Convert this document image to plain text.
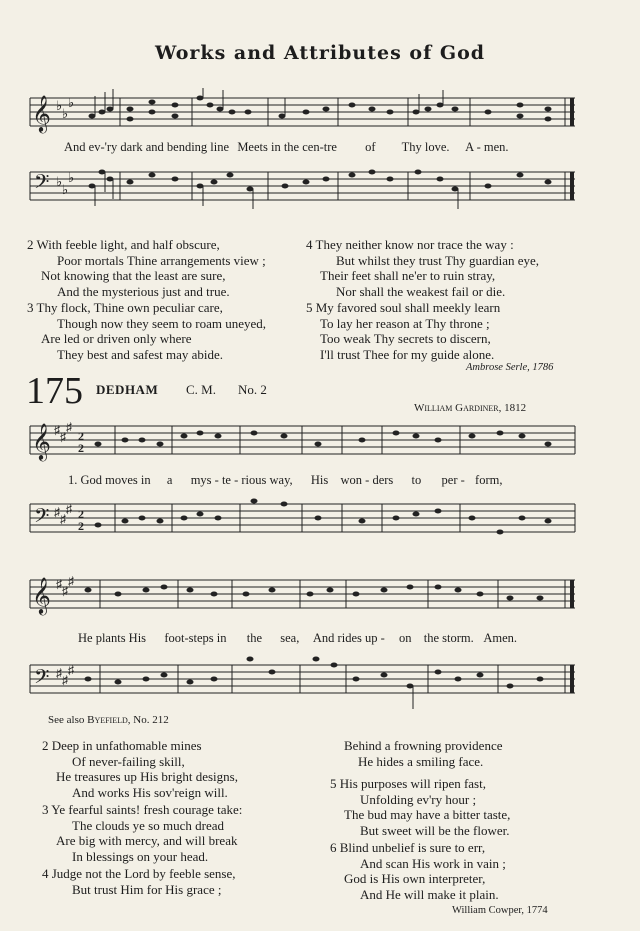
Works and Attributes of God
𝄞 ♭
♭
♭
And ev-'ry dark and bending line Meets in the cen-tre of Thy love. A - men.
𝄢 ♭
♭
♭
2 With feeble light, and half obscure,
Poor mortals Thine arrangements view ;
Not knowing that the least are sure,
And the mysterious just and true.
3 Thy flock, Thine own peculiar care,
Though now they seem to roam uneyed,
Are led or driven only where
They best and safest may abide.
4 They neither know nor trace the way :
But whilst they trust Thy guardian eye,
Their feet shall ne'er to ruin stray,
Nor shall the weakest fail or die.
5 My favored soul shall meekly learn
To lay her reason at Thy throne ;
Too weak Thy secrets to discern,
I'll trust Thee for my guide alone.
Ambrose Serle, 1786
175 DEDHAM C. M. No. 2
William Gardiner, 1812
𝄞 ♯ ♯
♯
2
2
1. God moves in a mys - te - rious way, His won - ders to per - form,
𝄢 ♯ ♯
♯ 2
2
𝄞 ♯ ♯
♯
He plants His foot-steps in the sea, And rides up - on the storm. Amen.
𝄢 ♯ ♯
♯
See also Byefield, No. 212
2 Deep in unfathomable mines
Of never-failing skill,
He treasures up His bright designs,
And works His sov'reign will.
3 Ye fearful saints! fresh courage take:
The clouds ye so much dread
Are big with mercy, and will break
In blessings on your head.
4 Judge not the Lord by feeble sense,
But trust Him for His grace ;
Behind a frowning providence
He hides a smiling face.
5 His purposes will ripen fast,
Unfolding ev'ry hour ;
The bud may have a bitter taste,
But sweet will be the flower.
6 Blind unbelief is sure to err,
And scan His work in vain ;
God is His own interpreter,
And He will make it plain.
William Cowper, 1774
